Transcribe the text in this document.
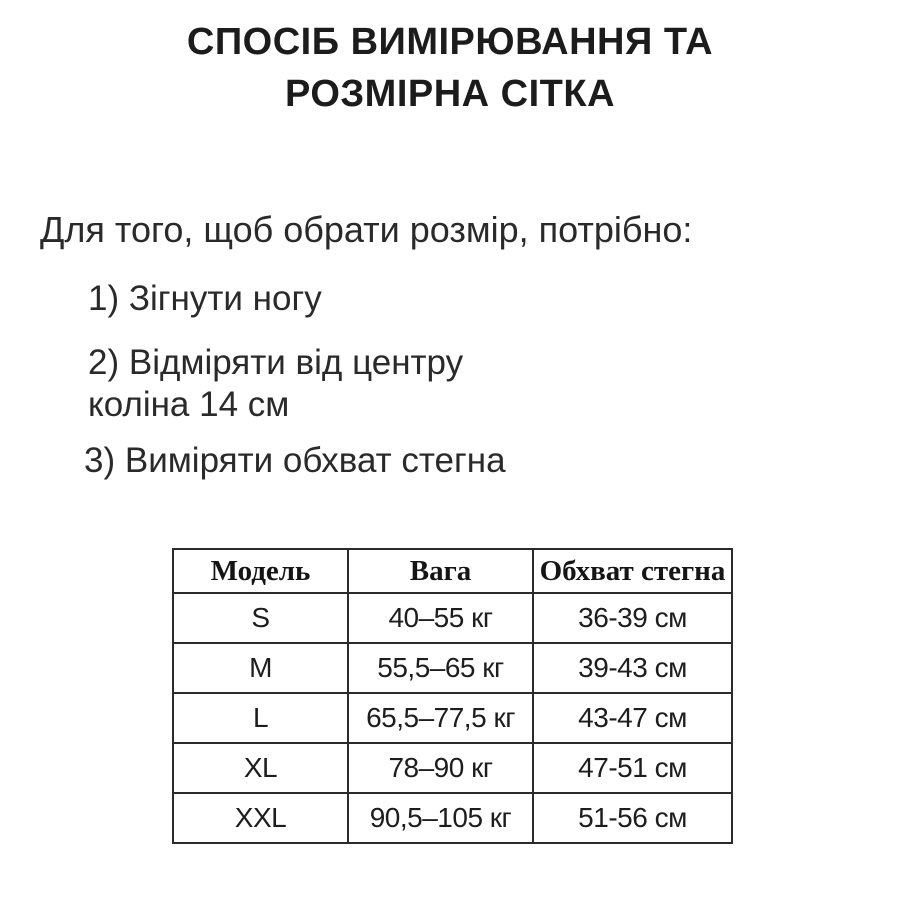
СПОСІБ ВИМІРЮВАННЯ ТА
РОЗМІРНА СІТКА

Для того, щоб обрати розмір, потрібно:

1) Зігнути ногу
2) Відміряти від центру
коліна 14 см
3) Виміряти обхват стегна
Модель	Вага	Обхват стегна
S	40–55 кг	36-39 см
M	55,5–65 кг	39-43 см
L	65,5–77,5 кг	43-47 см
XL	78–90 кг	47-51 см
XXL	90,5–105 кг	51-56 см
